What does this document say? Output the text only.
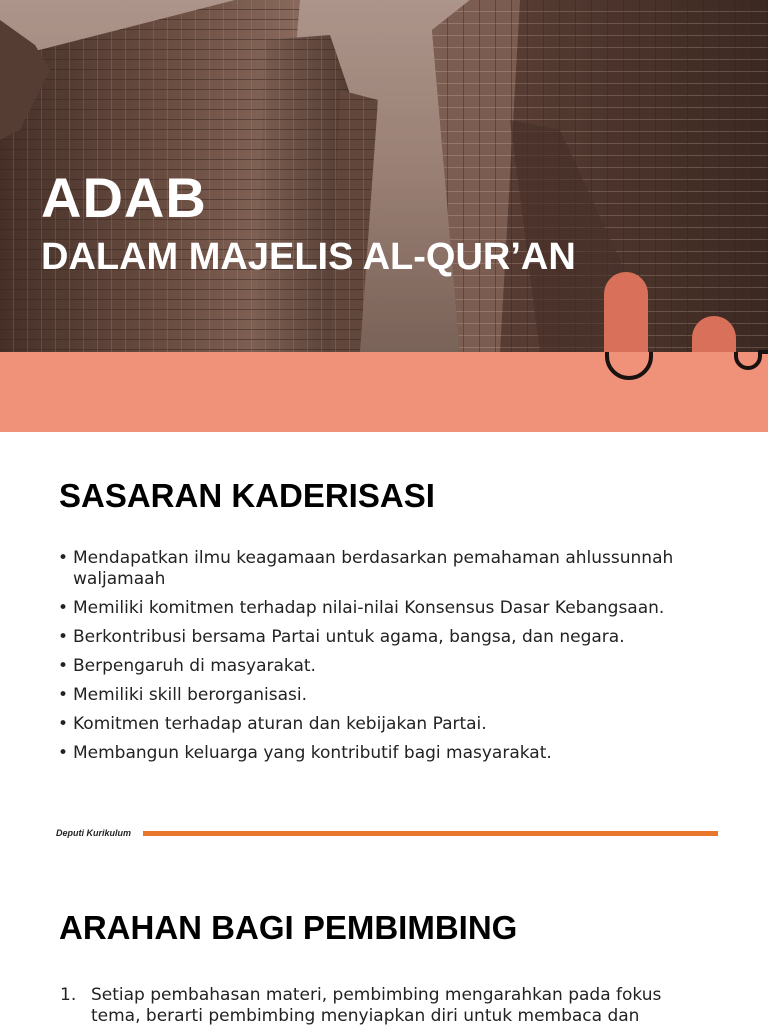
ADAB
DALAM MAJELIS AL-QUR’AN
SASARAN KADERISASI
• Mendapatkan ilmu keagamaan berdasarkan pemahaman ahlussunnah waljamaah
• Memiliki komitmen terhadap nilai-nilai Konsensus Dasar Kebangsaan.
• Berkontribusi bersama Partai untuk agama, bangsa, dan negara.
• Berpengaruh di masyarakat.
• Memiliki skill berorganisasi.
• Komitmen terhadap aturan dan kebijakan Partai.
• Membangun keluarga yang kontributif bagi masyarakat.
Deputi Kurikulum
ARAHAN BAGI PEMBIMBING
1. Setiap pembahasan materi, pembimbing mengarahkan pada fokus tema, berarti pembimbing menyiapkan diri untuk membaca dan
